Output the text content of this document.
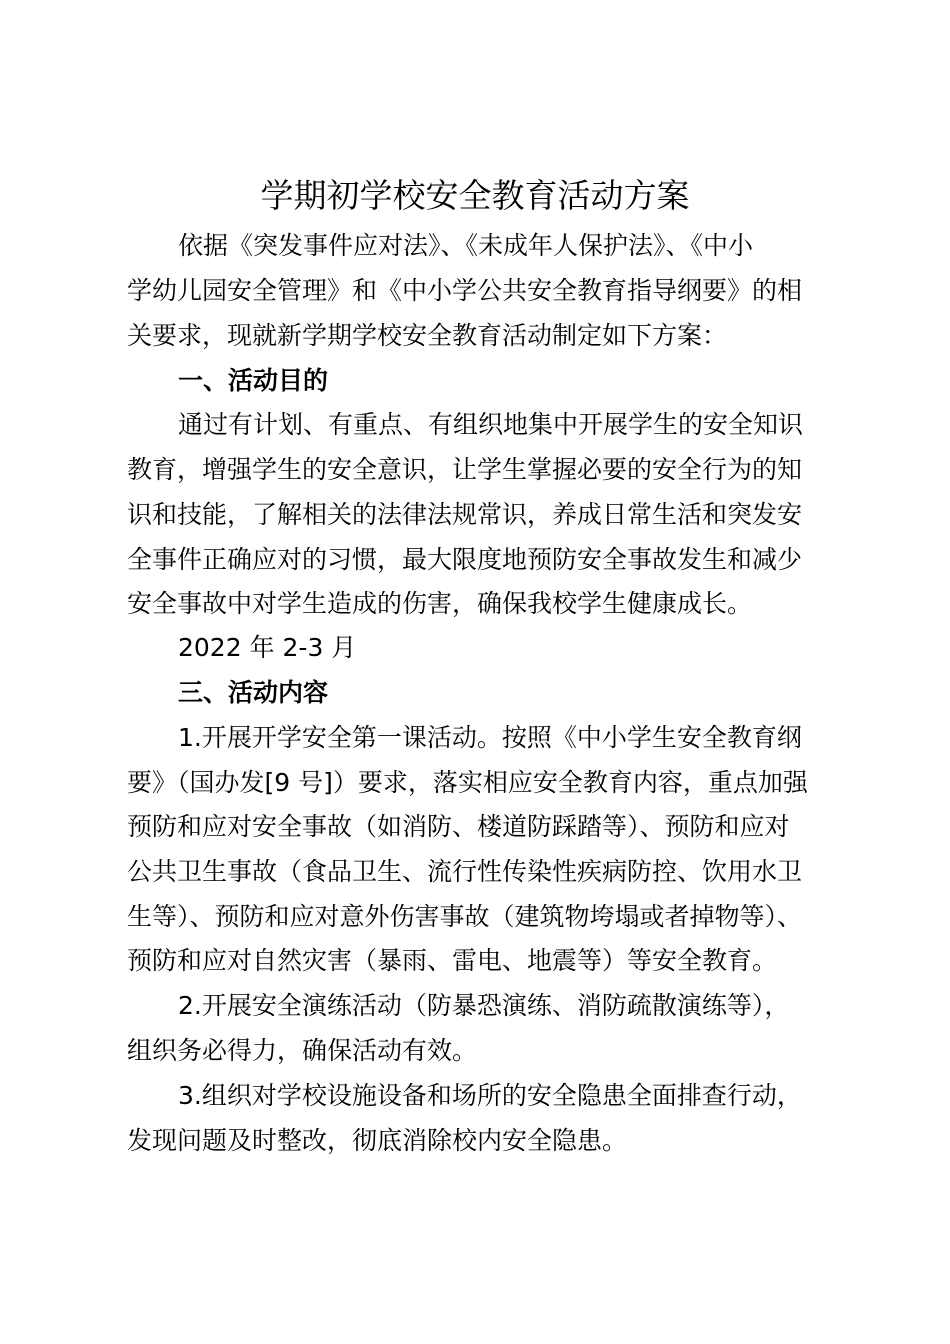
学期初学校安全教育活动方案
依据《突发事件应对法》、《未成年人保护法》、《中小
学幼儿园安全管理》和《中小学公共安全教育指导纲要》的相
关要求，现就新学期学校安全教育活动制定如下方案：
一、活动目的
通过有计划、有重点、有组织地集中开展学生的安全知识
教育，增强学生的安全意识，让学生掌握必要的安全行为的知
识和技能，了解相关的法律法规常识，养成日常生活和突发安
全事件正确应对的习惯，最大限度地预防安全事故发生和减少
安全事故中对学生造成的伤害，确保我校学生健康成长。
2022 年 2-3 月
三、活动内容
1.开展开学安全第一课活动。按照《中小学生安全教育纲
要》（国办发[9 号]）要求，落实相应安全教育内容，重点加强
预防和应对安全事故（如消防、楼道防踩踏等）、预防和应对
公共卫生事故（食品卫生、流行性传染性疾病防控、饮用水卫
生等）、预防和应对意外伤害事故（建筑物垮塌或者掉物等）、
预防和应对自然灾害（暴雨、雷电、地震等）等安全教育。
2.开展安全演练活动（防暴恐演练、消防疏散演练等），
组织务必得力，确保活动有效。
3.组织对学校设施设备和场所的安全隐患全面排查行动，
发现问题及时整改，彻底消除校内安全隐患。
